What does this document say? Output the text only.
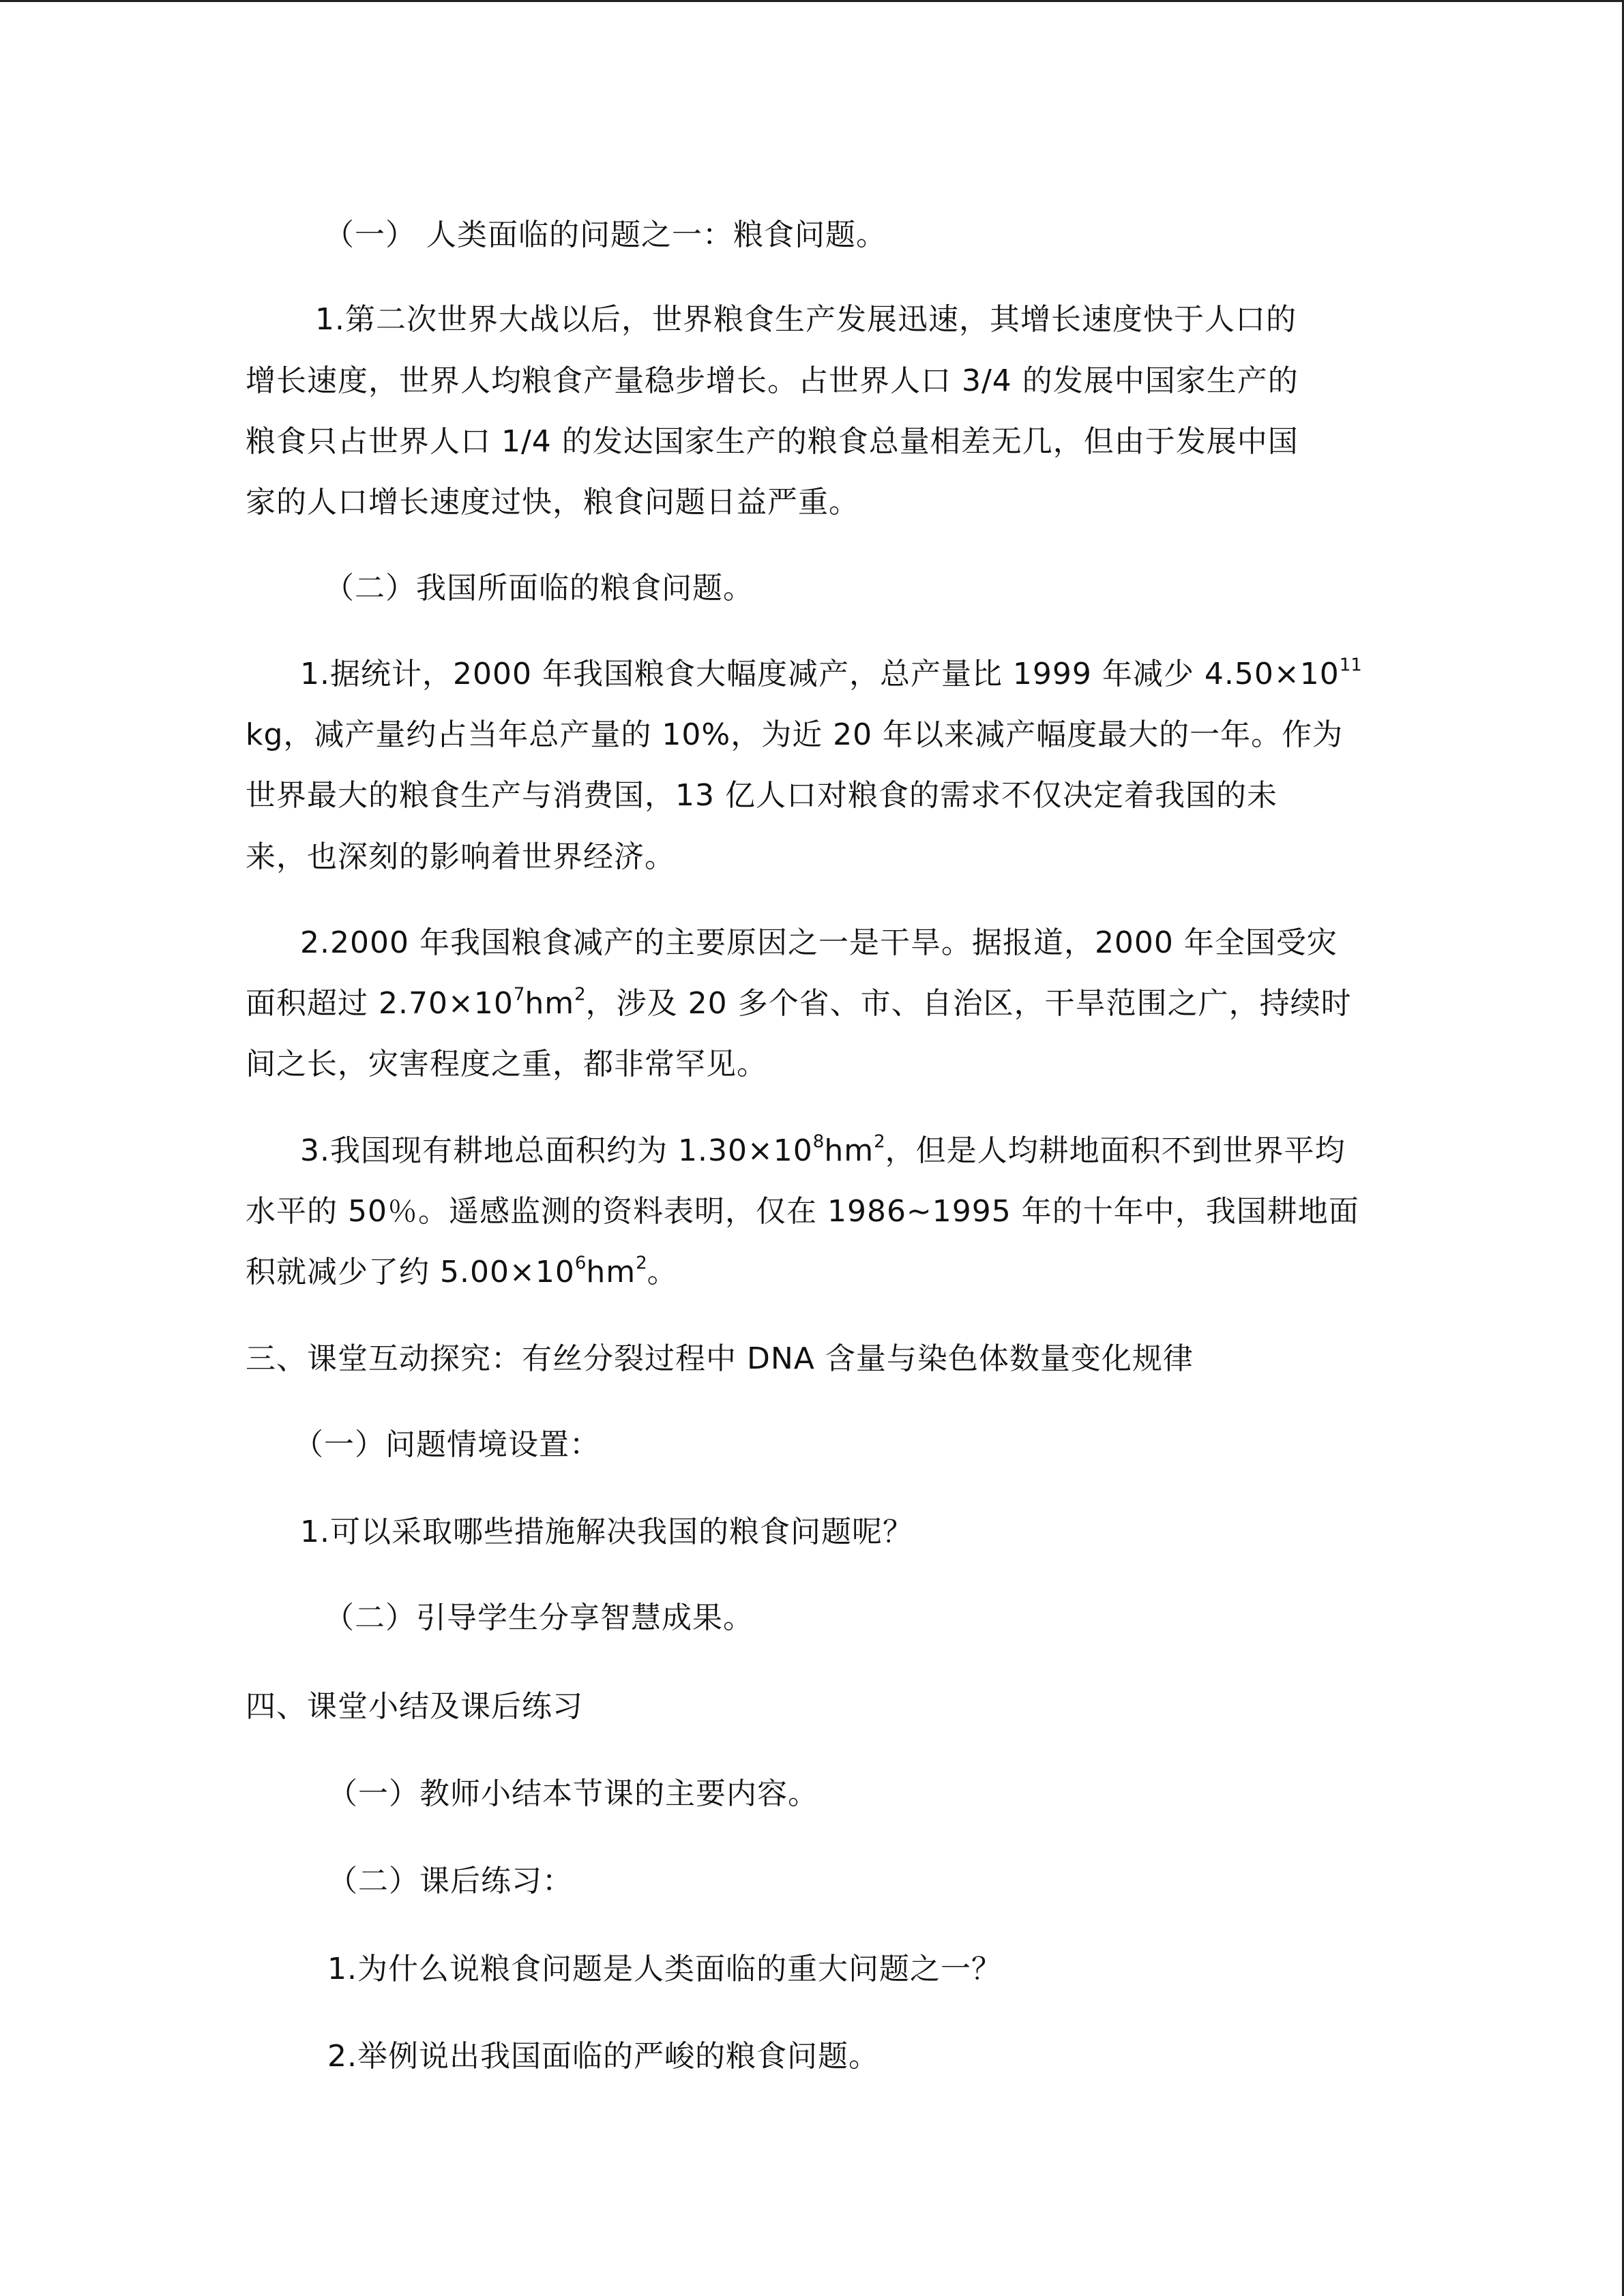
（一） 人类面临的问题之一：粮食问题。
1.第二次世界大战以后，世界粮食生产发展迅速，其增长速度快于人口的
增长速度，世界人均粮食产量稳步增长。占世界人口 3/4 的发展中国家生产的
粮食只占世界人口 1/4 的发达国家生产的粮食总量相差无几，但由于发展中国
家的人口增长速度过快，粮食问题日益严重。
（二）我国所面临的粮食问题。
1.据统计，2000 年我国粮食大幅度减产，总产量比 1999 年减少 $4.50\times 10^{11}$
kg，减产量约占当年总产量的 10%，为近 20 年以来减产幅度最大的一年。作为
世界最大的粮食生产与消费国，13 亿人口对粮食的需求不仅决定着我国的未
来，也深刻的影响着世界经济。
2.2000 年我国粮食减产的主要原因之一是干旱。据报道，2000 年全国受灾
面积超过 $2.70\times 10^7hm^2$，涉及 20 多个省、市、自治区，干旱范围之广，持续时
间之长，灾害程度之重，都非常罕见。
3.我国现有耕地总面积约为 $1.30\times 10^8hm^2$，但是人均耕地面积不到世界平均
水平的 50％。遥感监测的资料表明，仅在 1986~1995 年的十年中，我国耕地面
积就减少了约 $5.00\times 10^6hm^2$。
三、课堂互动探究：有丝分裂过程中 DNA 含量与染色体数量变化规律
（一）问题情境设置：
1.可以采取哪些措施解决我国的粮食问题呢？
（二）引导学生分享智慧成果。
四、课堂小结及课后练习
（一）教师小结本节课的主要内容。
（二）课后练习：
1.为什么说粮食问题是人类面临的重大问题之一？
2.举例说出我国面临的严峻的粮食问题。
